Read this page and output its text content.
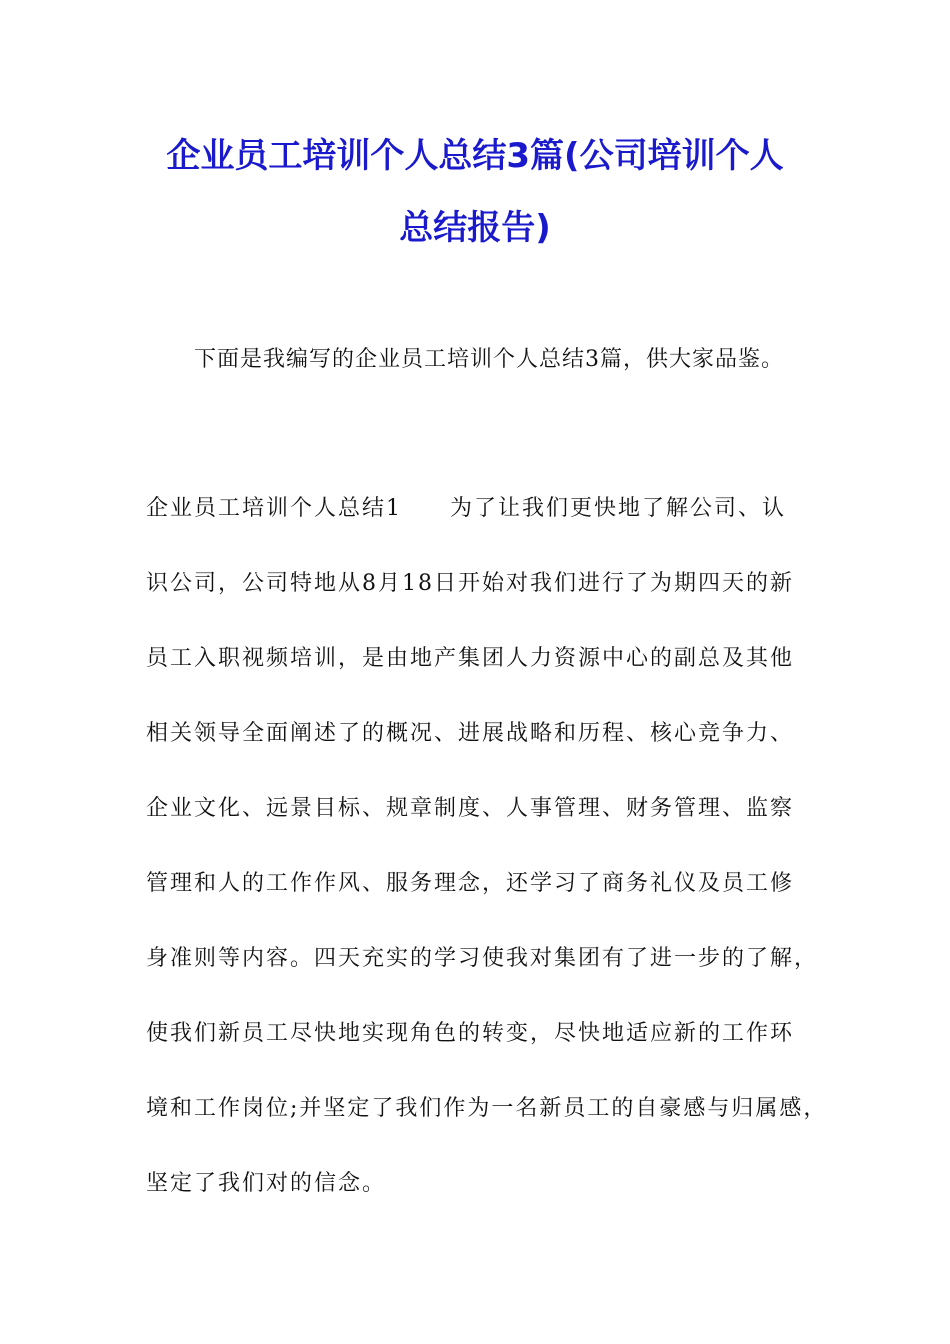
企业员工培训个人总结3篇(公司培训个人
总结报告)
下面是我编写的企业员工培训个人总结3篇，供大家品鉴。
企业员工培训个人总结1　　为了让我们更快地了解公司、认
识公司，公司特地从8月18日开始对我们进行了为期四天的新
员工入职视频培训，是由地产集团人力资源中心的副总及其他
相关领导全面阐述了的概况、进展战略和历程、核心竞争力、
企业文化、远景目标、规章制度、人事管理、财务管理、监察
管理和人的工作作风、服务理念，还学习了商务礼仪及员工修
身准则等内容。四天充实的学习使我对集团有了进一步的了解，
使我们新员工尽快地实现角色的转变，尽快地适应新的工作环
境和工作岗位;并坚定了我们作为一名新员工的自豪感与归属感，
坚定了我们对的信念。
